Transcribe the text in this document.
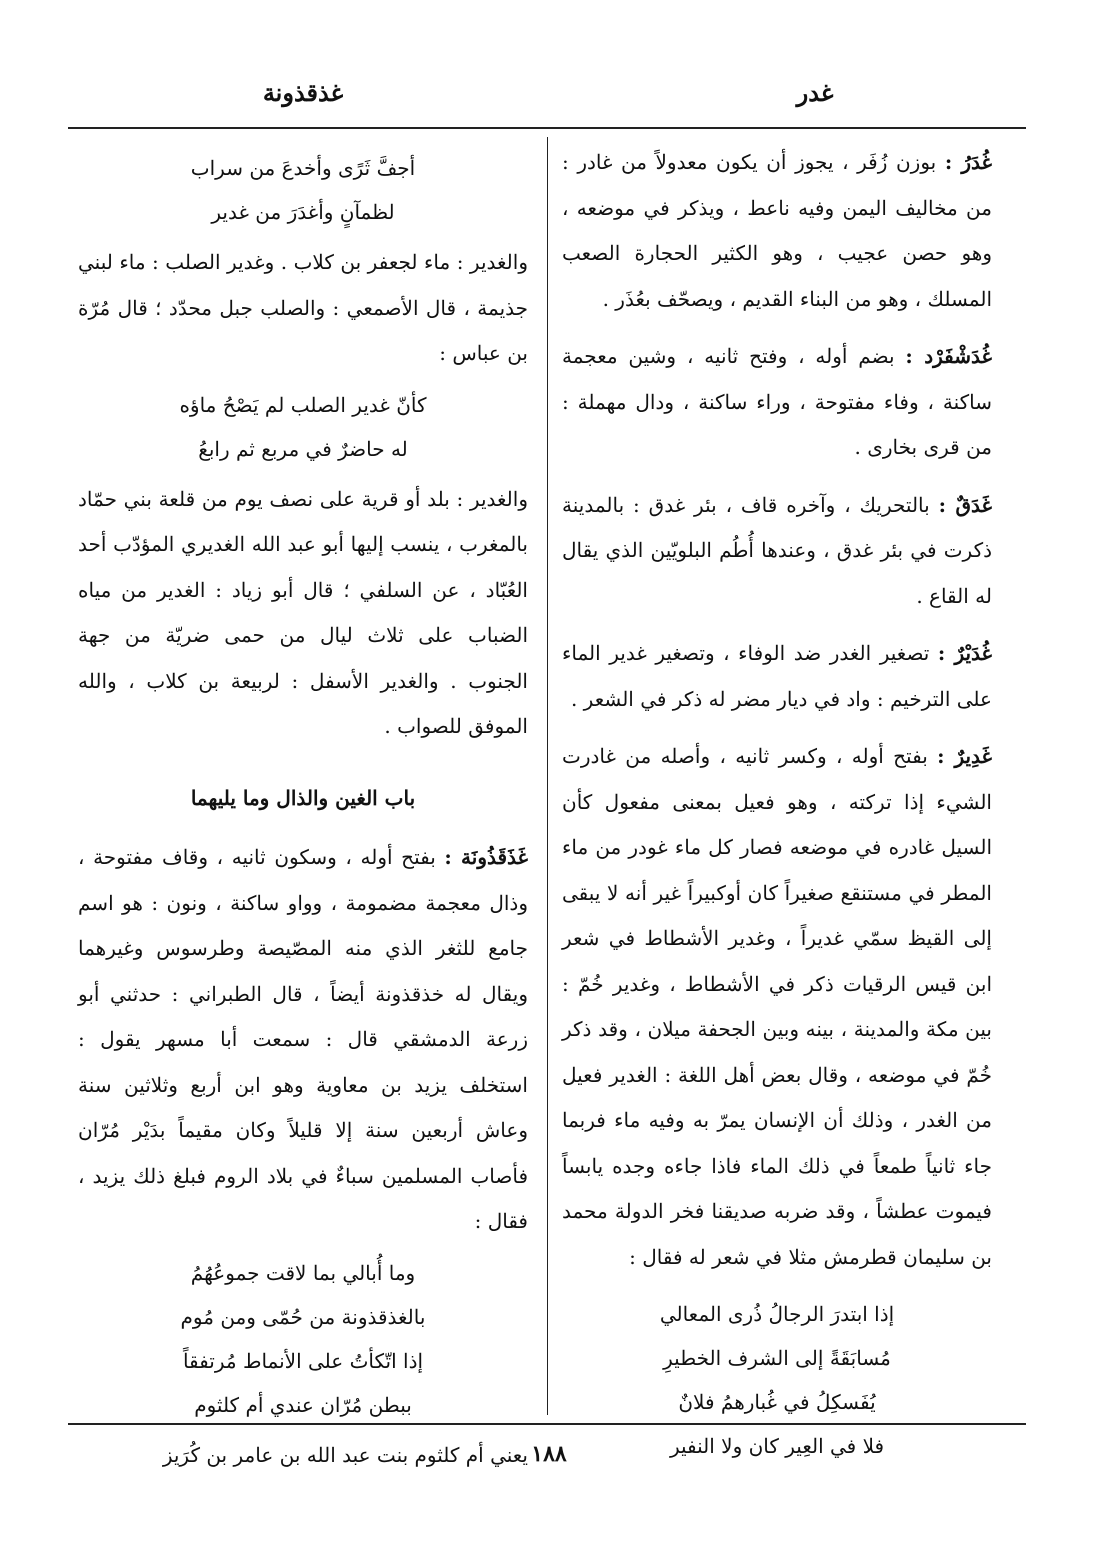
غدر
غذقذونة

غُدَرُ : بوزن زُفَر ، يجوز أن يكون معدولاً من غادر : من مخاليف اليمن وفيه ناعط ، ويذكر في موضعه ، وهو حصن عجيب ، وهو الكثير الحجارة الصعب المسلك ، وهو من البناء القديم ، ويصحّف بعُذَر .

غُدَشْفَرْد : بضم أوله ، وفتح ثانيه ، وشين معجمة ساكنة ، وفاء مفتوحة ، وراء ساكنة ، ودال مهملة : من قرى بخارى .

غَدَقٌ : بالتحريك ، وآخره قاف ، بئر غدق : بالمدينة ذكرت في بئر غدق ، وعندها أُطُم البلويّين الذي يقال له القاع .

غُدَيْرٌ : تصغير الغدر ضد الوفاء ، وتصغير غدير الماء على الترخيم : واد في ديار مضر له ذكر في الشعر .

غَدِيرٌ : بفتح أوله ، وكسر ثانيه ، وأصله من غادرت الشيء إذا تركته ، وهو فعيل بمعنى مفعول كأن السيل غادره في موضعه فصار كل ماء غودر من ماء المطر في مستنقع صغيراً كان أوكبيراً غير أنه لا يبقى إلى القيظ سمّي غديراً ، وغدير الأشطاط في شعر ابن قيس الرقيات ذكر في الأشطاط ، وغدير خُمّ : بين مكة والمدينة ، بينه وبين الجحفة ميلان ، وقد ذكر خُمّ في موضعه ، وقال بعض أهل اللغة : الغدير فعيل من الغدر ، وذلك أن الإنسان يمرّ به وفيه ماء فربما جاء ثانياً طمعاً في ذلك الماء فاذا جاءه وجده يابساً فيموت عطشاً ، وقد ضربه صديقنا فخر الدولة محمد بن سليمان قطرمش مثلا في شعر له فقال :

إذا ابتدرَ الرجالُ ذُرى المعالي
مُسابَقَةً إلى الشرف الخطيرِ
يُفَسكِلُ في غُبارهمُ فلانٌ
فلا في العِير كان ولا النفير
أجفَّ ثَرًى وأخدعَ من سراب
لظمآنٍ وأغدَرَ من غدير

والغدير : ماء لجعفر بن كلاب . وغدير الصلب : ماء لبني جذيمة ، قال الأصمعي : والصلب جبل محدّد ؛ قال مُرّة بن عباس :

كأنّ غدير الصلب لم يَصْحُ ماؤه
له حاضرٌ في مربع ثم رابعُ

والغدير : بلد أو قرية على نصف يوم من قلعة بني حمّاد بالمغرب ، ينسب إليها أبو عبد الله الغديري المؤدّب أحد العُبّاد ، عن السلفي ؛ قال أبو زياد : الغدير من مياه الضباب على ثلاث ليال من حمى ضريّة من جهة الجنوب . والغدير الأسفل : لربيعة بن كلاب ، والله الموفق للصواب .

باب الغين والذال وما يليهما

غَذَقَذُونَة : بفتح أوله ، وسكون ثانيه ، وقاف مفتوحة ، وذال معجمة مضمومة ، وواو ساكنة ، ونون : هو اسم جامع للثغر الذي منه المصّيصة وطرسوس وغيرهما ويقال له خذقذونة أيضاً ، قال الطبراني : حدثني أبو زرعة الدمشقي قال : سمعت أبا مسهر يقول : استخلف يزيد بن معاوية وهو ابن أربع وثلاثين سنة وعاش أربعين سنة إلا قليلاً وكان مقيماً بدَيْر مُرّان فأصاب المسلمين سباءٌ في بلاد الروم فبلغ ذلك يزيد ، فقال :

وما أُبالي بما لاقت جموعُهُمُ
بالغذقذونة من حُمّى ومن مُوم
إذا اتّكأتُ على الأنماط مُرتفقاً
ببطن مُرّان عندي أم كلثوم

يعني أم كلثوم بنت عبد الله بن عامر بن كُرَيز ١٨٨
